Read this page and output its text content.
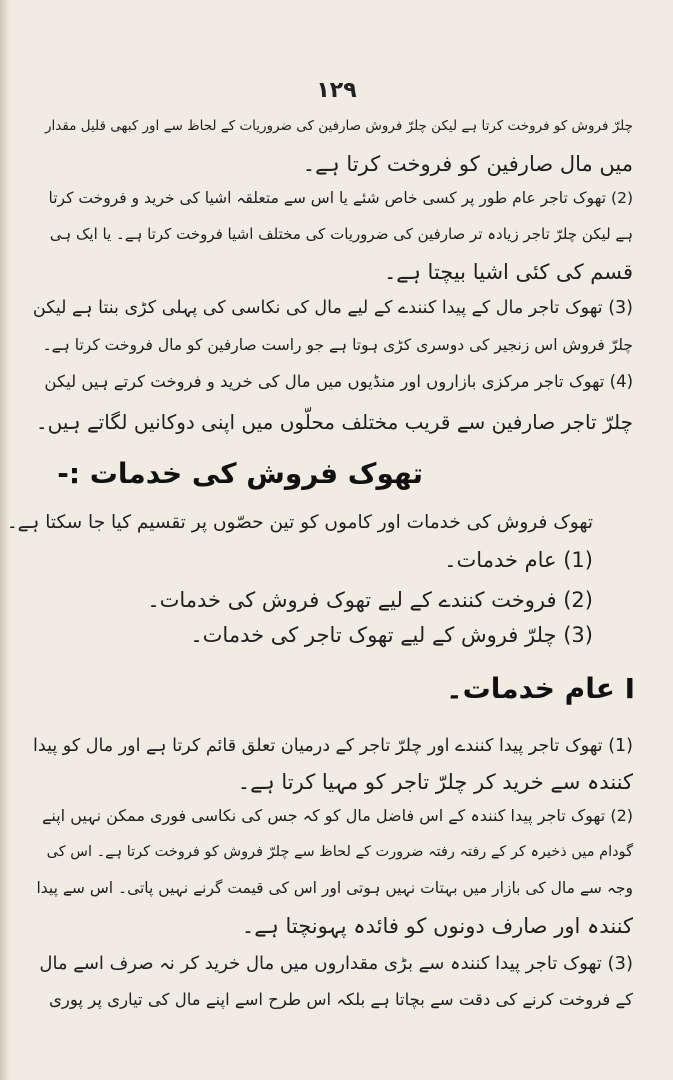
١٢٩
چلرّ فروش کو فروخت کرتا ہے لیکن چلرّ فروش صارفین کی ضروریات کے لحاظ سے اور کبھی قلیل مقدار
میں مال صارفین کو فروخت کرتا ہے۔
(2) تھوک تاجر عام طور پر کسی خاص شئے یا اس سے متعلقہ اشیا کی خرید و فروخت کرتا
ہے لیکن چلرّ تاجر زیادہ تر صارفین کی ضروریات کی مختلف اشیا فروخت کرتا ہے۔ یا ایک ہی
قسم کی کئی اشیا بیچتا ہے۔
(3) تھوک تاجر مال کے پیدا کنندے کے لیے مال کی نکاسی کی پہلی کڑی بنتا ہے لیکن
چلرّ فروش اس زنجیر کی دوسری کڑی ہوتا ہے جو راست صارفین کو مال فروخت کرتا ہے۔
(4) تھوک تاجر مرکزی بازاروں اور منڈیوں میں مال کی خرید و فروخت کرتے ہیں لیکن
چلرّ تاجر صارفین سے قریب مختلف محلّوں میں اپنی دوکانیں لگاتے ہیں۔
تھوک فروش کی خدمات :-
تھوک فروش کی خدمات اور کاموں کو تین حصّوں پر تقسیم کیا جا سکتا ہے۔
(1) عام خدمات۔
(2) فروخت کنندے کے لیے تھوک فروش کی خدمات۔
(3) چلرّ فروش کے لیے تھوک تاجر کی خدمات۔
I عام خدمات۔
(1) تھوک تاجر پیدا کنندے اور چلرّ تاجر کے درمیان تعلق قائم کرتا ہے اور مال کو پیدا
کنندہ سے خرید کر چلرّ تاجر کو مہیا کرتا ہے۔
(2) تھوک تاجر پیدا کنندہ کے اس فاضل مال کو کہ جس کی نکاسی فوری ممکن نہیں اپنے
گودام میں ذخیرہ کر کے رفتہ رفتہ ضرورت کے لحاظ سے چلرّ فروش کو فروخت کرتا ہے۔ اس کی
وجہ سے مال کی بازار میں بہتات نہیں ہوتی اور اس کی قیمت گرنے نہیں پاتی۔ اس سے پیدا
کنندہ اور صارف دونوں کو فائدہ پہونچتا ہے۔
(3) تھوک تاجر پیدا کنندہ سے بڑی مقداروں میں مال خرید کر نہ صرف اسے مال
کے فروخت کرنے کی دقت سے بچاتا ہے بلکہ اس طرح اسے اپنے مال کی تیاری پر پوری
